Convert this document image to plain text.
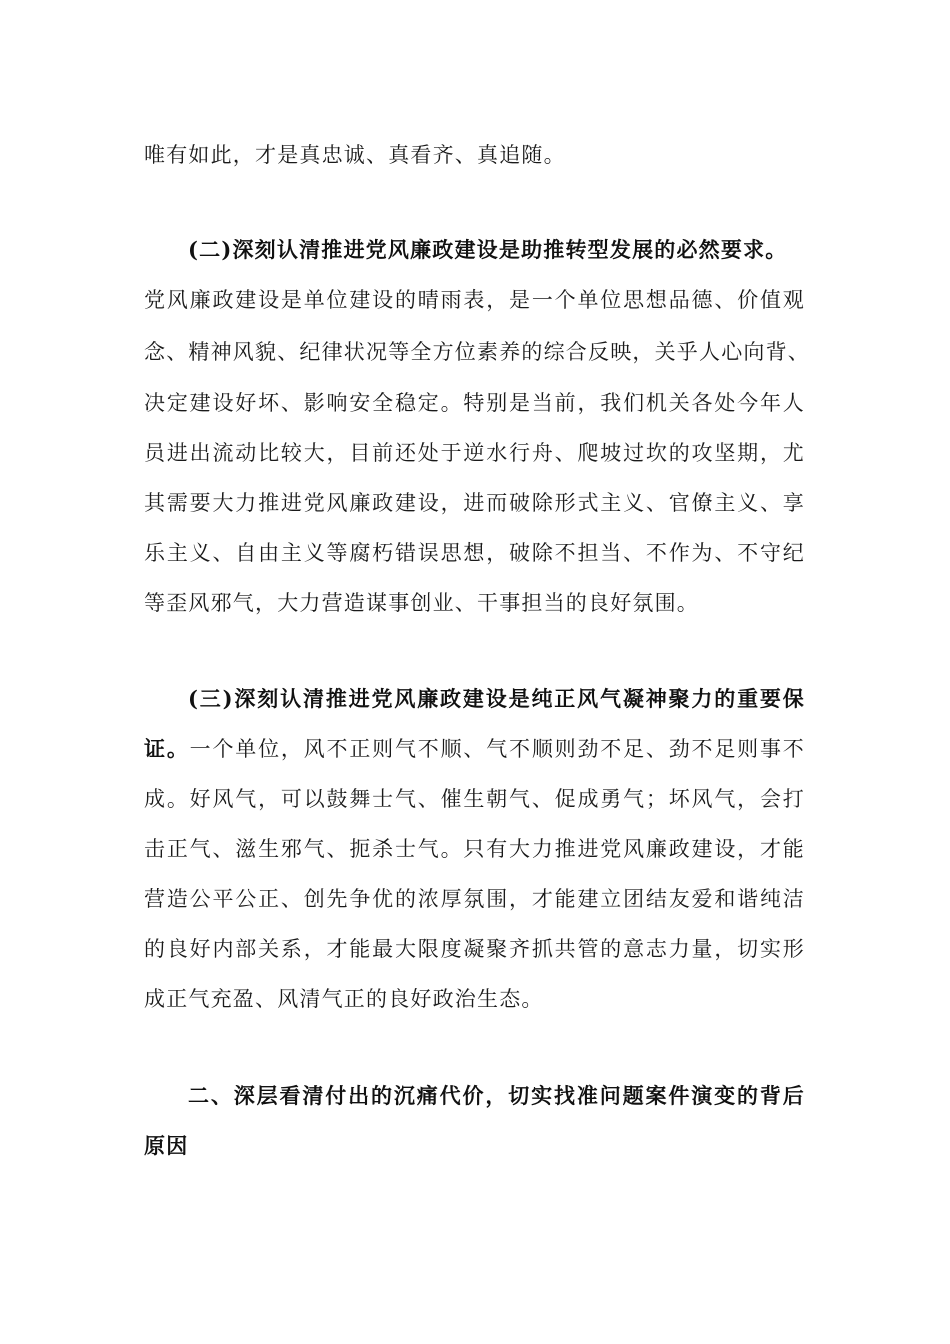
唯有如此，才是真忠诚、真看齐、真追随。
(二)深刻认清推进党风廉政建设是助推转型发展的必然要求。
党风廉政建设是单位建设的晴雨表，是一个单位思想品德、价值观
念、精神风貌、纪律状况等全方位素养的综合反映，关乎人心向背、
决定建设好坏、影响安全稳定。特别是当前，我们机关各处今年人
员进出流动比较大，目前还处于逆水行舟、爬坡过坎的攻坚期，尤
其需要大力推进党风廉政建设，进而破除形式主义、官僚主义、享
乐主义、自由主义等腐朽错误思想，破除不担当、不作为、不守纪
等歪风邪气，大力营造谋事创业、干事担当的良好氛围。
(三)深刻认清推进党风廉政建设是纯正风气凝神聚力的重要保
证。一个单位，风不正则气不顺、气不顺则劲不足、劲不足则事不
成。好风气，可以鼓舞士气、催生朝气、促成勇气；坏风气，会打
击正气、滋生邪气、扼杀士气。只有大力推进党风廉政建设，才能
营造公平公正、创先争优的浓厚氛围，才能建立团结友爱和谐纯洁
的良好内部关系，才能最大限度凝聚齐抓共管的意志力量，切实形
成正气充盈、风清气正的良好政治生态。
二、深层看清付出的沉痛代价，切实找准问题案件演变的背后
原因
